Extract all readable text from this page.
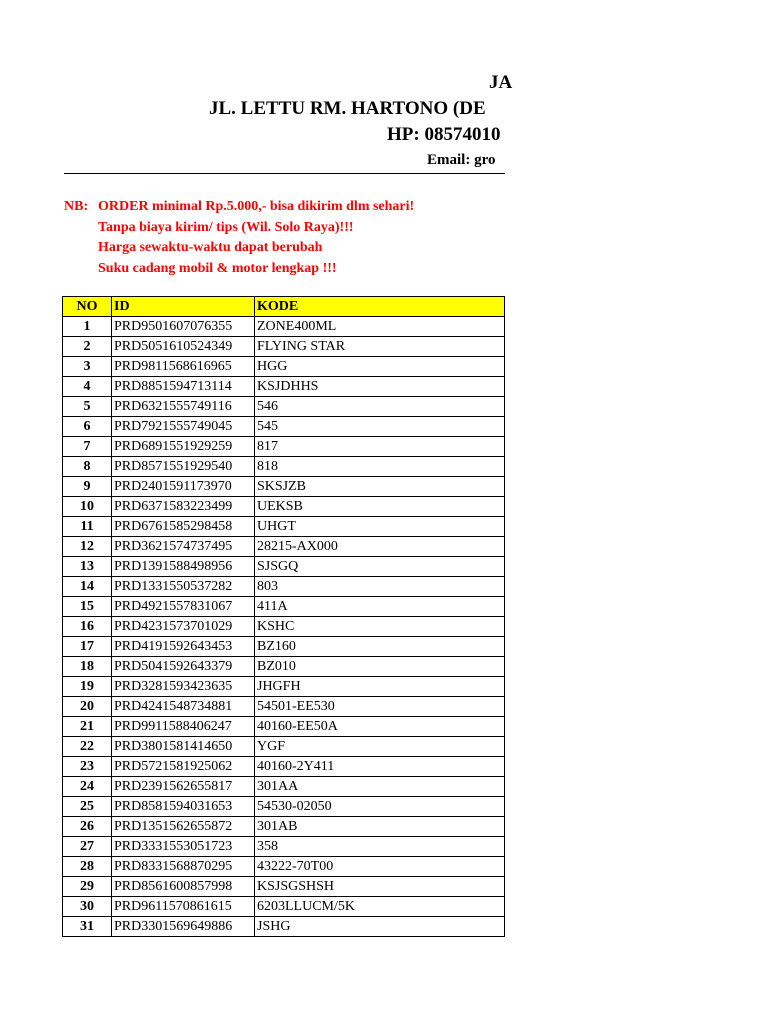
JA
JL. LETTU RM. HARTONO (DE
HP: 08574010
Email: gro
NB: ORDER minimal Rp.5.000,- bisa dikirim dlm sehari!
Tanpa biaya kirim/ tips (Wil. Solo Raya)!!!
Harga sewaktu-waktu dapat berubah
Suku cadang mobil & motor lengkap !!!
NO	ID	KODE
1	PRD9501607076355	ZONE400ML
2	PRD5051610524349	FLYING STAR
3	PRD9811568616965	HGG
4	PRD8851594713114	KSJDHHS
5	PRD6321555749116	546
6	PRD7921555749045	545
7	PRD6891551929259	817
8	PRD8571551929540	818
9	PRD2401591173970	SKSJZB
10	PRD6371583223499	UEKSB
11	PRD6761585298458	UHGT
12	PRD3621574737495	28215-AX000
13	PRD1391588498956	SJSGQ
14	PRD1331550537282	803
15	PRD4921557831067	411A
16	PRD4231573701029	KSHC
17	PRD4191592643453	BZ160
18	PRD5041592643379	BZ010
19	PRD3281593423635	JHGFH
20	PRD4241548734881	54501-EE530
21	PRD9911588406247	40160-EE50A
22	PRD3801581414650	YGF
23	PRD5721581925062	40160-2Y411
24	PRD2391562655817	301AA
25	PRD8581594031653	54530-02050
26	PRD1351562655872	301AB
27	PRD3331553051723	358
28	PRD8331568870295	43222-70T00
29	PRD8561600857998	KSJSGSHSH
30	PRD9611570861615	6203LLUCM/5K
31	PRD3301569649886	JSHG
